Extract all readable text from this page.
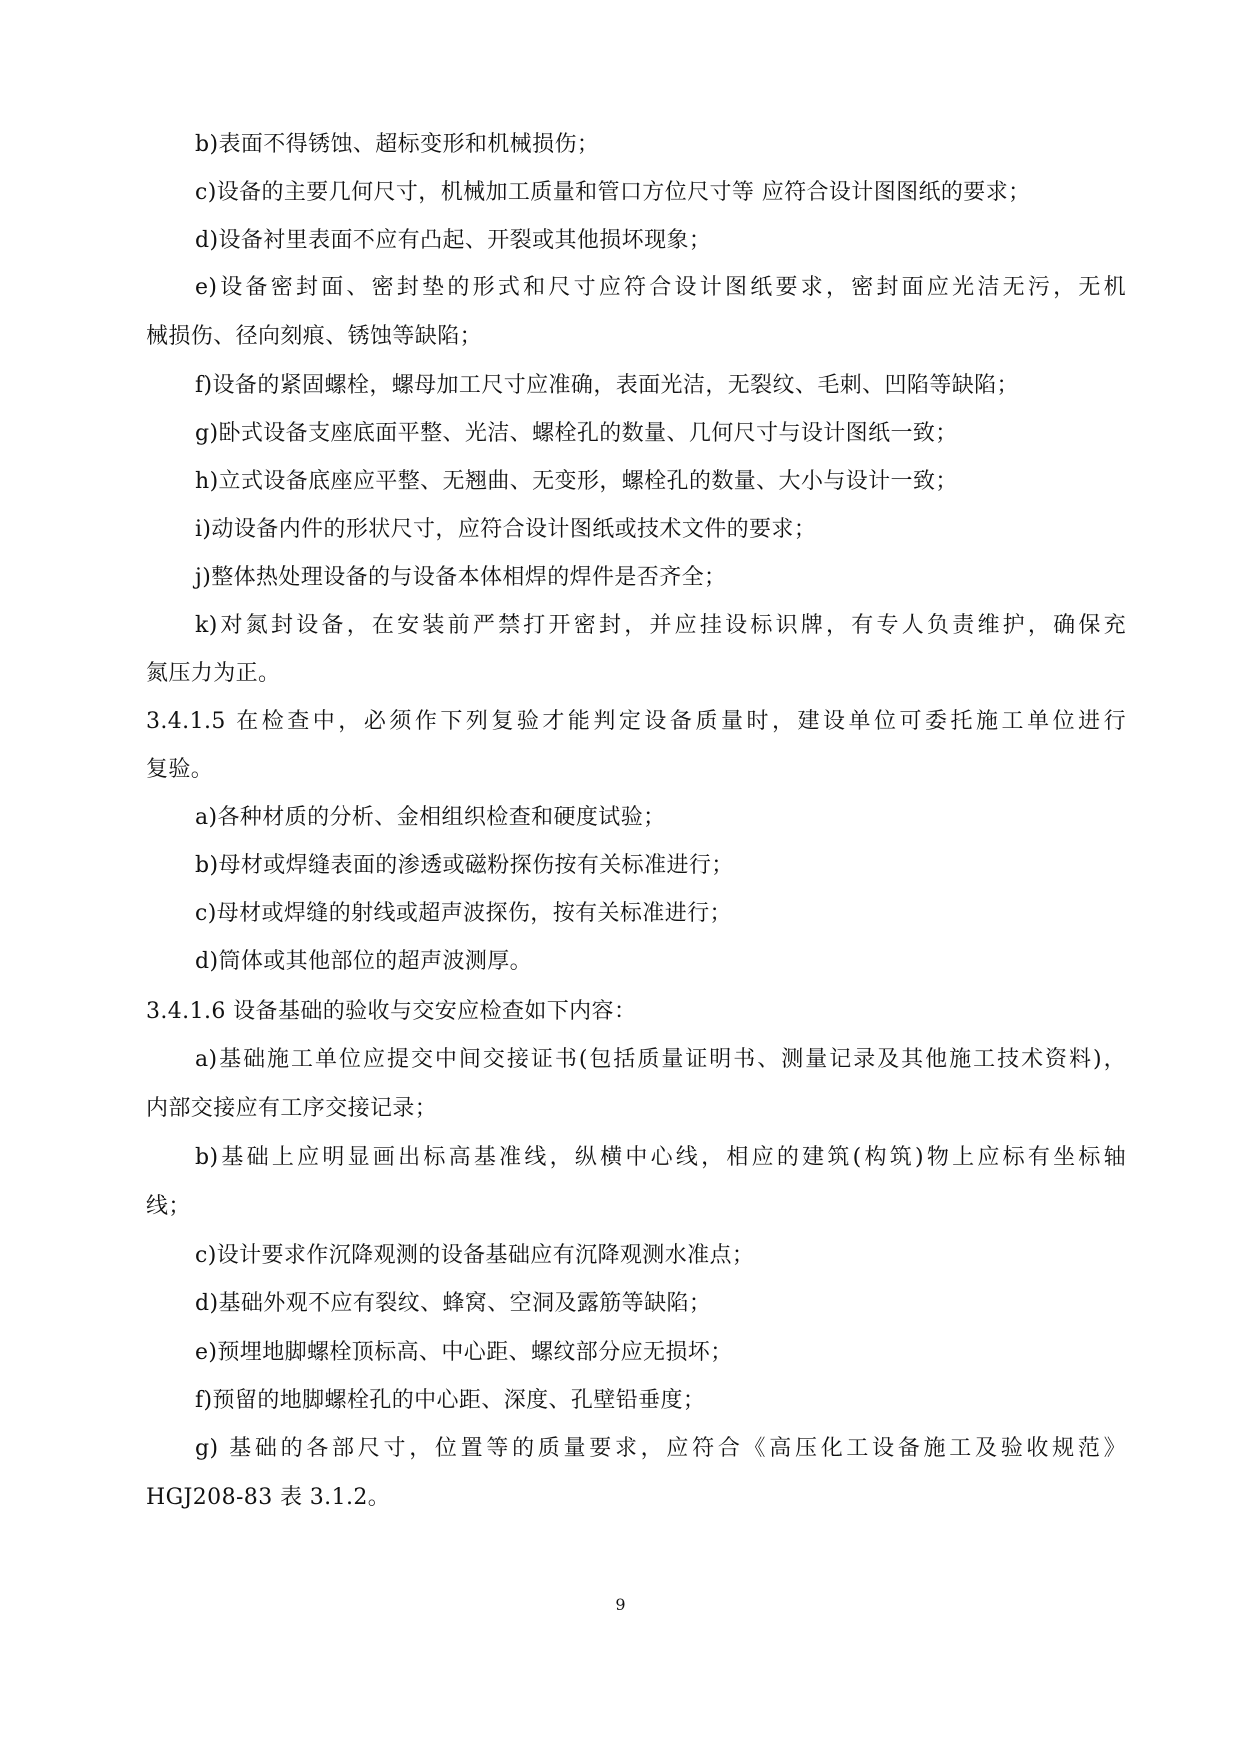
b)表面不得锈蚀、超标变形和机械损伤；
c)设备的主要几何尺寸，机械加工质量和管口方位尺寸等 应符合设计图图纸的要求；
d)设备衬里表面不应有凸起、开裂或其他损坏现象；
e)设备密封面、密封垫的形式和尺寸应符合设计图纸要求，密封面应光洁无污，无机
械损伤、径向刻痕、锈蚀等缺陷；
f)设备的紧固螺栓，螺母加工尺寸应准确，表面光洁，无裂纹、毛刺、凹陷等缺陷；
g)卧式设备支座底面平整、光洁、螺栓孔的数量、几何尺寸与设计图纸一致；
h)立式设备底座应平整、无翘曲、无变形，螺栓孔的数量、大小与设计一致；
i)动设备内件的形状尺寸，应符合设计图纸或技术文件的要求；
j)整体热处理设备的与设备本体相焊的焊件是否齐全；
k)对氮封设备，在安装前严禁打开密封，并应挂设标识牌，有专人负责维护，确保充
氮压力为正。
3.4.1.5 在检查中，必须作下列复验才能判定设备质量时，建设单位可委托施工单位进行
复验。
a)各种材质的分析、金相组织检查和硬度试验；
b)母材或焊缝表面的渗透或磁粉探伤按有关标准进行；
c)母材或焊缝的射线或超声波探伤，按有关标准进行；
d)筒体或其他部位的超声波测厚。
3.4.1.6 设备基础的验收与交安应检查如下内容：
a)基础施工单位应提交中间交接证书(包括质量证明书、测量记录及其他施工技术资料)，
内部交接应有工序交接记录；
b)基础上应明显画出标高基准线，纵横中心线，相应的建筑(构筑)物上应标有坐标轴
线；
c)设计要求作沉降观测的设备基础应有沉降观测水准点；
d)基础外观不应有裂纹、蜂窝、空洞及露筋等缺陷；
e)预埋地脚螺栓顶标高、中心距、螺纹部分应无损坏；
f)预留的地脚螺栓孔的中心距、深度、孔壁铅垂度；
g) 基础的各部尺寸，位置等的质量要求，应符合《高压化工设备施工及验收规范》
HGJ208-83 表 3.1.2。
9
